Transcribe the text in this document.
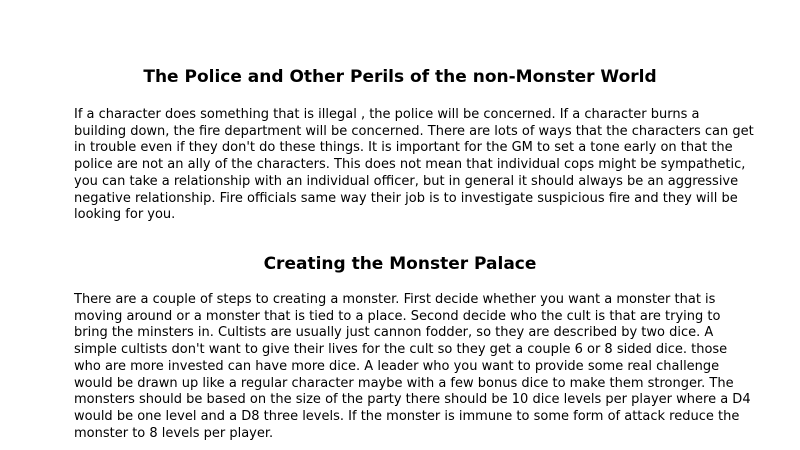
The Police and Other Perils of the non-Monster World

If a character does something that is illegal , the police will be concerned. If a character burns a
building down, the fire department will be concerned. There are lots of ways that the characters can get
in trouble even if they don't do these things. It is important for the GM to set a tone early on that the
police are not an ally of the characters. This does not mean that individual cops might be sympathetic,
you can take a relationship with an individual officer, but in general it should always be an aggressive
negative relationship. Fire officials same way their job is to investigate suspicious fire and they will be
looking for you.

Creating the Monster Palace

There are a couple of steps to creating a monster. First decide whether you want a monster that is
moving around or a monster that is tied to a place. Second decide who the cult is that are trying to
bring the minsters in. Cultists are usually just cannon fodder, so they are described by two dice. A
simple cultists don't want to give their lives for the cult so they get a couple 6 or 8 sided dice. those
who are more invested can have more dice. A leader who you want to provide some real challenge
would be drawn up like a regular character maybe with a few bonus dice to make them stronger. The
monsters should be based on the size of the party there should be 10 dice levels per player where a D4
would be one level and a D8 three levels. If the monster is immune to some form of attack reduce the
monster to 8 levels per player.
